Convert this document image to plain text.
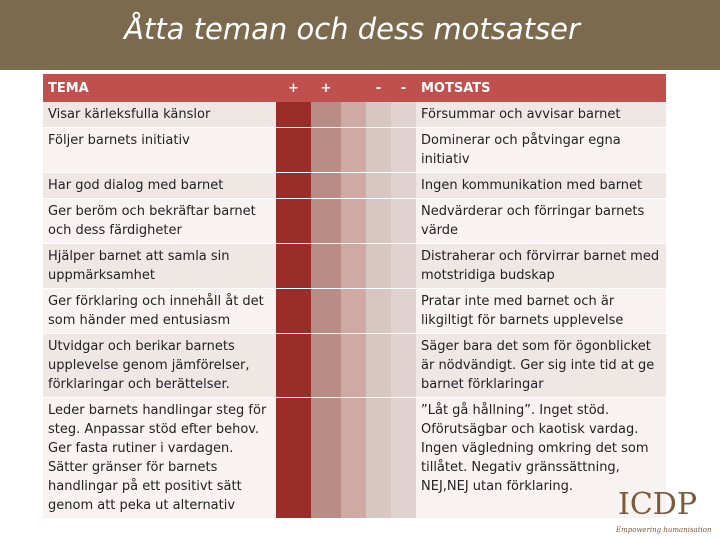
Åtta teman och dess motsatser
TEMA	+	+		-	-	MOTSATS
Visar kärleksfulla känslor						Försummar och avvisar barnet
Följer barnets initiativ						Dominerar och påtvingar egna initiativ
Har god dialog med barnet						Ingen kommunikation med barnet
Ger beröm och bekräftar barnet och dess färdigheter						Nedvärderar och förringar barnets värde
Hjälper barnet att samla sin uppmärksamhet						Distraherar och förvirrar barnet med motstridiga budskap
Ger förklaring och innehåll åt det som händer med entusiasm						Pratar inte med barnet och är likgiltigt för barnets upplevelse
Utvidgar och berikar barnets upplevelse genom jämförelser, förklaringar och berättelser.						Säger bara det som för ögonblicket är nödvändigt. Ger sig inte tid at ge barnet förklaringar
Leder barnets handlingar steg för steg. Anpassar stöd efter behov. Ger fasta rutiner i vardagen. Sätter gränser för barnets handlingar på ett positivt sätt genom att peka ut alternativ						”Låt gå hållning”. Inget stöd. Oförutsägbar och kaotisk vardag. Ingen vägledning omkring det som tillåtet. Negativ gränssättning, NEJ,NEJ utan förklaring.
ICDP
Empowering humanisation
